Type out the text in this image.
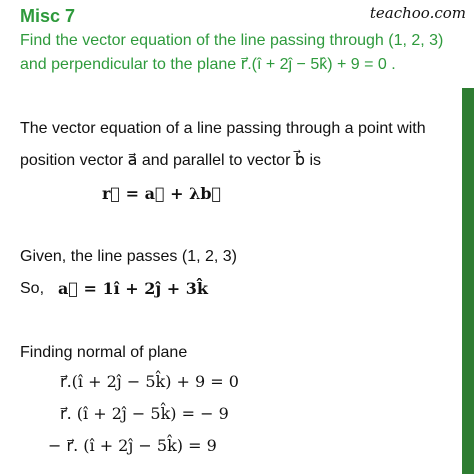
teachoo.com
Misc 7
Find the vector equation of the line passing through (1, 2, 3)
and perpendicular to the plane r⃗.(î + 2ĵ − 5k̂) + 9 = 0 .
The vector equation of a line passing through a point with
position vector a⃗ and parallel to vector b⃗ is
r⃗ = a⃗ + λb⃗
Given, the line passes (1, 2, 3)
So, a⃗ = 1î + 2ĵ + 3k̂
Finding normal of plane
r⃗.(î + 2ĵ − 5k̂) + 9 = 0
r⃗. (î + 2ĵ − 5k̂) = − 9
− r⃗. (î + 2ĵ − 5k̂) = 9
